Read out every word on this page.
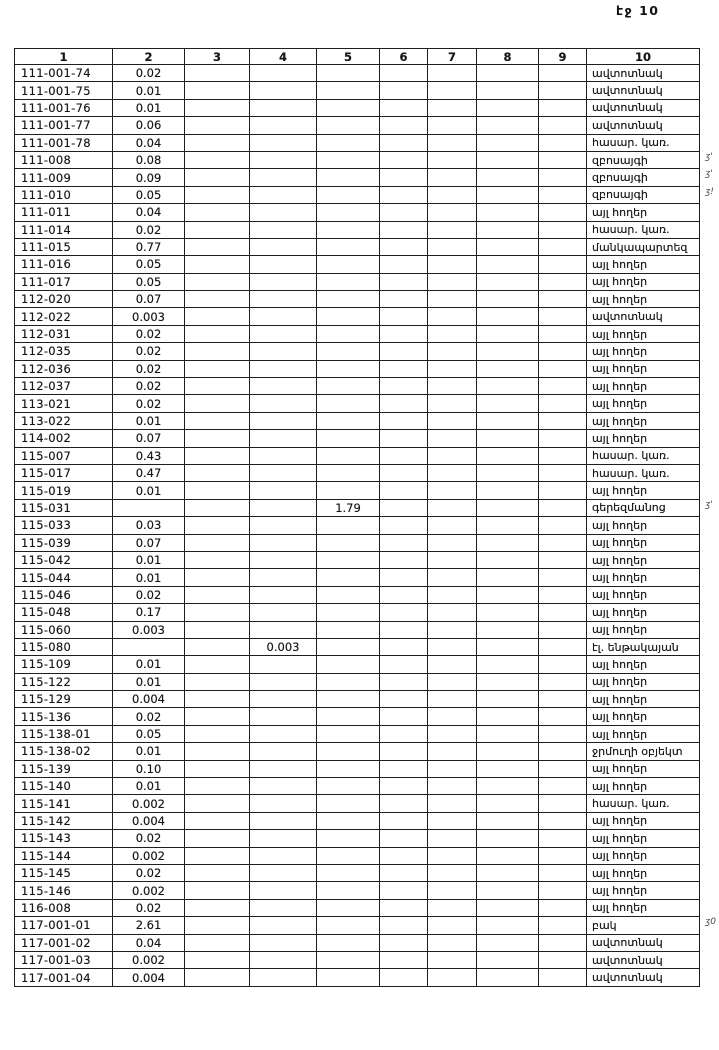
էջ 10
1	2	3	4	5	6	7	8	9	10
111-001-74	0.02								ավտոտնակ
111-001-75	0.01								ավտոտնակ
111-001-76	0.01								ավտոտնակ
111-001-77	0.06								ավտոտնակ
111-001-78	0.04								հասար. կառ.
111-008	0.08								զբոսայգի ʒ'

111-009	0.09								զբոսայգի ʒ'

111-010	0.05								զբոսայգի ʒ!

111-011	0.04								այլ հողեր
111-014	0.02								հասար. կառ.
111-015	0.77								մանկապարտեզ
111-016	0.05								այլ հողեր
111-017	0.05								այլ հողեր
112-020	0.07								այլ հողեր
112-022	0.003								ավտոտնակ
112-031	0.02								այլ հողեր
112-035	0.02								այլ հողեր
112-036	0.02								այլ հողեր
112-037	0.02								այլ հողեր
113-021	0.02								այլ հողեր
113-022	0.01								այլ հողեր
114-002	0.07								այլ հողեր
115-007	0.43								հասար. կառ.
115-017	0.47								հասար. կառ.
115-019	0.01								այլ հողեր
115-031				1.79					գերեզմանոց ʒ'

115-033	0.03								այլ հողեր
115-039	0.07								այլ հողեր
115-042	0.01								այլ հողեր
115-044	0.01								այլ հողեր
115-046	0.02								այլ հողեր
115-048	0.17								այլ հողեր
115-060	0.003								այլ հողեր
115-080			0.003						էլ. ենթակայան
115-109	0.01								այլ հողեր
115-122	0.01								այլ հողեր
115-129	0.004								այլ հողեր
115-136	0.02								այլ հողեր
115-138-01	0.05								այլ հողեր
115-138-02	0.01								ջրմուղի օբյեկտ
115-139	0.10								այլ հողեր
115-140	0.01								այլ հողեր
115-141	0.002								հասար. կառ.
115-142	0.004								այլ հողեր
115-143	0.02								այլ հողեր
115-144	0.002								այլ հողեր
115-145	0.02								այլ հողեր
115-146	0.002								այլ հողեր
116-008	0.02								այլ հողեր
117-001-01	2.61								բակ ʒ0

117-001-02	0.04								ավտոտնակ
117-001-03	0.002								ավտոտնակ
117-001-04	0.004								ավտոտնակ
